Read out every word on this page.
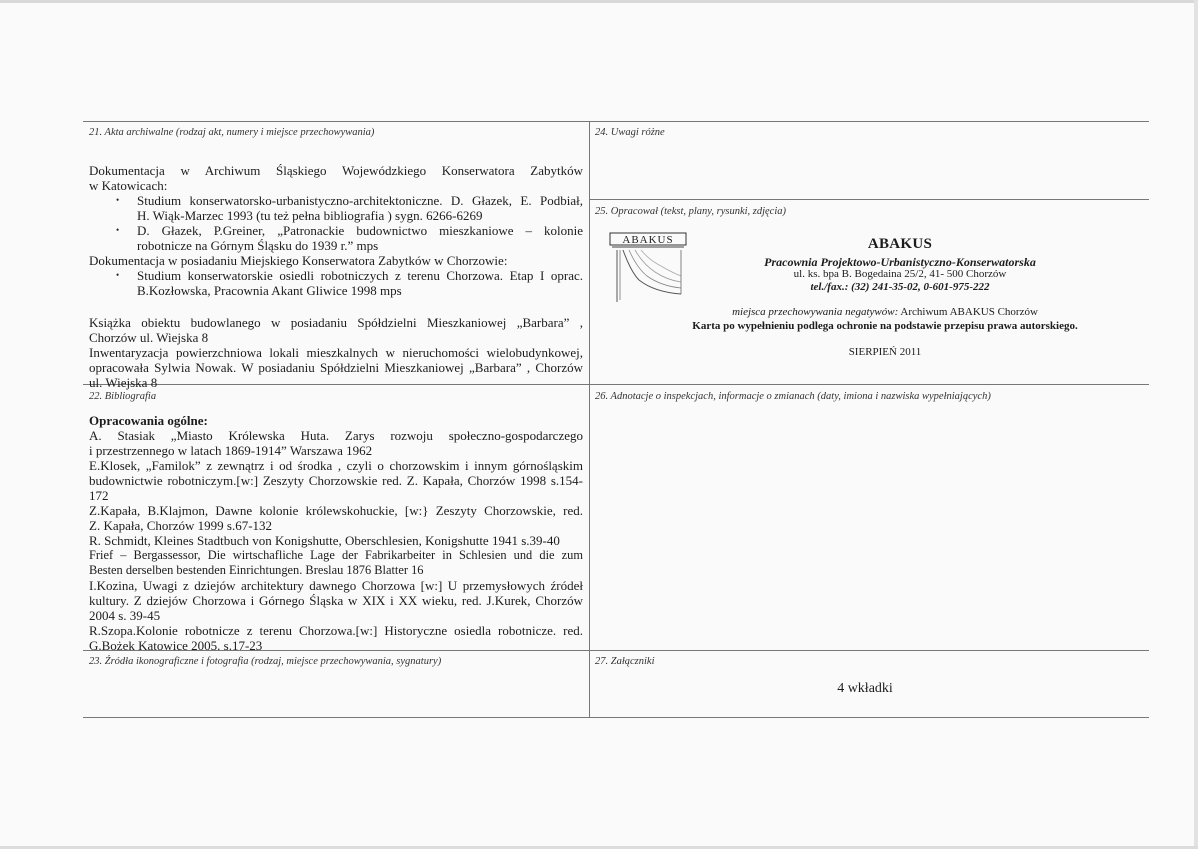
21. Akta archiwalne (rodzaj akt, numery i miejsce przechowywania)
Dokumentacja w Archiwum Śląskiego Wojewódzkiego Konserwatora Zabytków
w Katowicach:
• Studium konserwatorsko-urbanistyczno-architektoniczne. D. Głazek, E. Podbiał,
H. Wiąk-Marzec 1993 (tu też pełna bibliografia ) sygn. 6266-6269
• D. Głazek, P.Greiner, „Patronackie budownictwo mieszkaniowe – kolonie
robotnicze na Górnym Śląsku do 1939 r.” mps
Dokumentacja w posiadaniu Miejskiego Konserwatora Zabytków w Chorzowie:
• Studium konserwatorskie osiedli robotniczych z terenu Chorzowa. Etap I oprac.
B.Kozłowska, Pracownia Akant Gliwice 1998 mps
Książka obiektu budowlanego w posiadaniu Spółdzielni Mieszkaniowej „Barbara” ,
Chorzów ul. Wiejska 8
Inwentaryzacja powierzchniowa lokali mieszkalnych w nieruchomości wielobudynkowej,
opracowała Sylwia Nowak. W posiadaniu Spółdzielni Mieszkaniowej „Barbara” , Chorzów
ul. Wiejska 8
22. Bibliografia
Opracowania ogólne:
A. Stasiak „Miasto Królewska Huta. Zarys rozwoju społeczno-gospodarczego
i przestrzennego w latach 1869-1914” Warszawa 1962
E.Klosek, „Familok” z zewnątrz i od środka , czyli o chorzowskim i innym górnośląskim
budownictwie robotniczym.[w:] Zeszyty Chorzowskie red. Z. Kapała, Chorzów 1998 s.154-
172
Z.Kapała, B.Klajmon, Dawne kolonie królewskohuckie, [w:} Zeszyty Chorzowskie, red.
Z. Kapała, Chorzów 1999 s.67-132
R. Schmidt, Kleines Stadtbuch von Konigshutte, Oberschlesien, Konigshutte 1941 s.39-40
Frief – Bergassessor, Die wirtschafliche Lage der Fabrikarbeiter in Schlesien und die zum
Besten derselben bestenden Einrichtungen. Breslau 1876 Blatter 16
I.Kozina, Uwagi z dziejów architektury dawnego Chorzowa [w:] U przemysłowych źródeł
kultury. Z dziejów Chorzowa i Górnego Śląska w XIX i XX wieku, red. J.Kurek, Chorzów
2004 s. 39-45
R.Szopa.Kolonie robotnicze z terenu Chorzowa.[w:] Historyczne osiedla robotnicze. red.
G.Bożek Katowice 2005. s.17-23
23. Źródła ikonograficzne i fotografia (rodzaj, miejsce przechowywania, sygnatury)
24. Uwagi różne
25. Opracował (tekst, plany, rysunki, zdjęcia)
ABAKUS	ABAKUS
Pracownia Projektowo-Urbanistyczno-Konserwatorska
ul. ks. bpa B. Bogedaina 25/2, 41- 500 Chorzów
tel./fax.: (32) 241-35-02, 0-601-975-222
miejsca przechowywania negatywów: Archiwum ABAKUS Chorzów
Karta po wypełnieniu podlega ochronie na podstawie przepisu prawa autorskiego.
SIERPIEŃ 2011
26. Adnotacje o inspekcjach, informacje o zmianach (daty, imiona i nazwiska wypełniających)
27. Załączniki
4 wkładki
